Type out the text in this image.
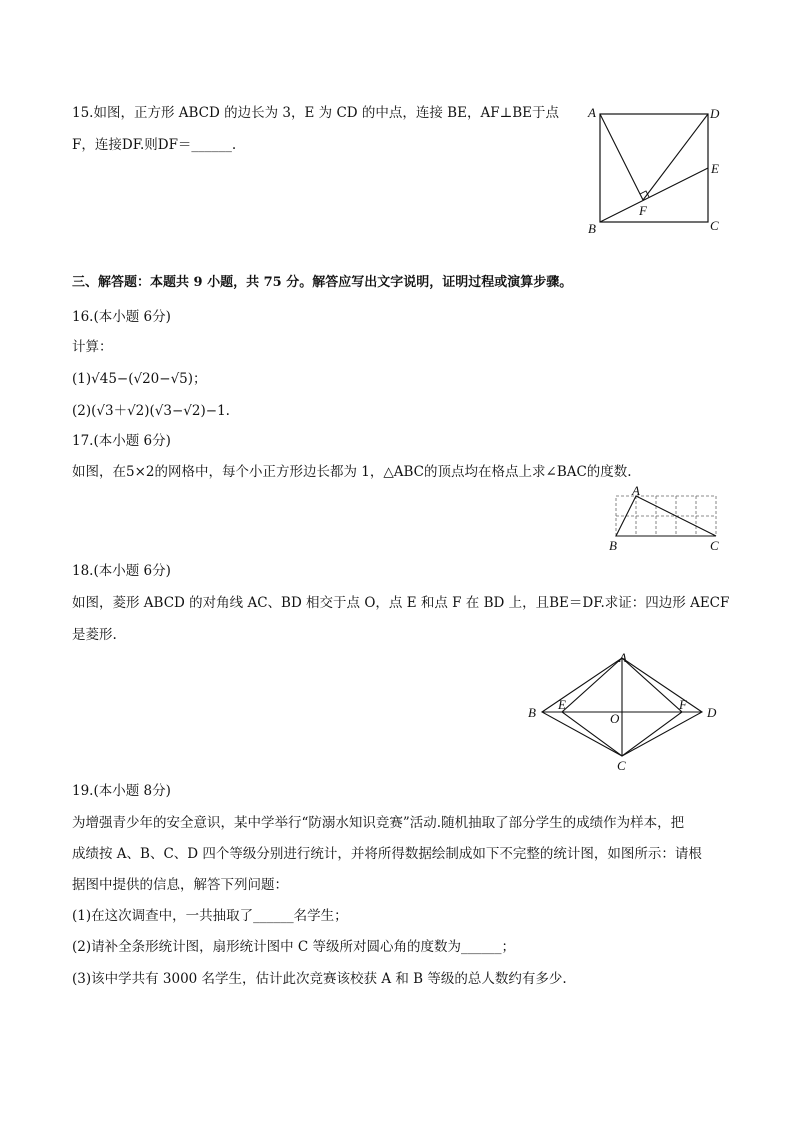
15.如图，正方形 ABCD 的边长为 3，E 为 CD 的中点，连接 BE，AF⊥BE于点
F，连接DF.则DF＝______.
A	D
E
F
B	C
三、解答题：本题共 9 小题，共 75 分。解答应写出文字说明，证明过程或演算步骤。
16.(本小题 6分)
计算：
(1)√45−(√20−√5)；
(2)(√3＋√2)(√3−√2)−1.
17.(本小题 6分)
如图，在5×2的网格中，每个小正方形边长都为 1，△ABC的顶点均在格点上求∠BAC的度数.
A
B	C
18.(本小题 6分)
如图，菱形 ABCD 的对角线 AC、BD 相交于点 O，点 E 和点 F 在 BD 上，且BE＝DF.求证：四边形 AECF
是菱形.
A
B
E
O
F
D
C
19.(本小题 8分)
为增强青少年的安全意识，某中学举行“防溺水知识竞赛”活动.随机抽取了部分学生的成绩作为样本，把
成绩按 A、B、C、D 四个等级分别进行统计，并将所得数据绘制成如下不完整的统计图，如图所示：请根
据图中提供的信息，解答下列问题：
(1)在这次调查中，一共抽取了______名学生；
(2)请补全条形统计图，扇形统计图中 C 等级所对圆心角的度数为______；
(3)该中学共有 3000 名学生，估计此次竞赛该校获 A 和 B 等级的总人数约有多少.
